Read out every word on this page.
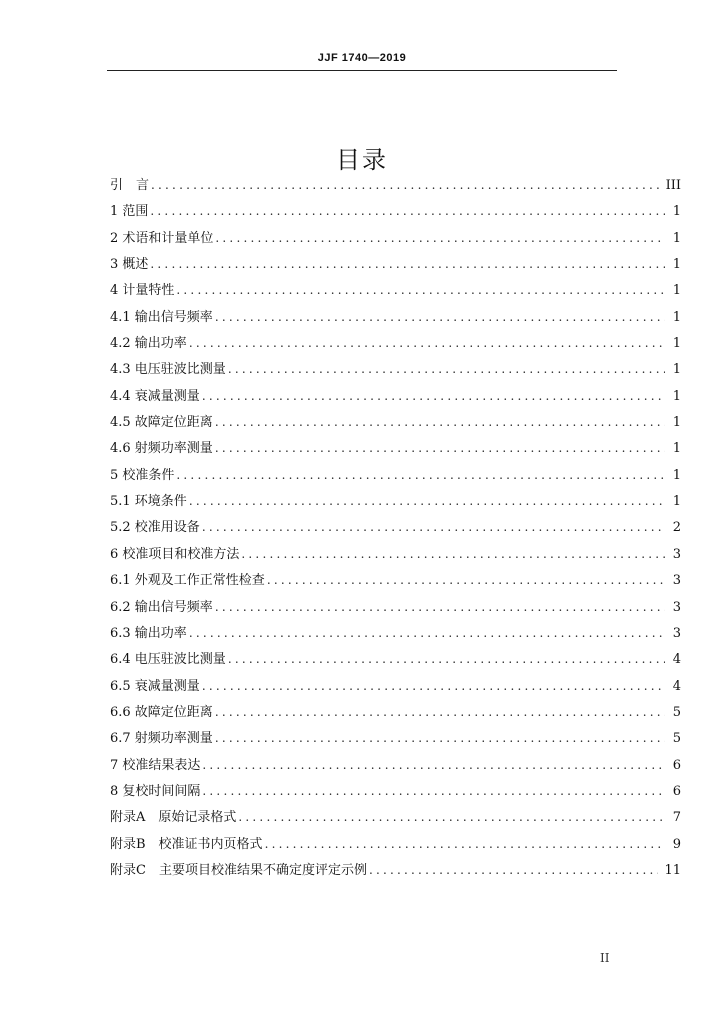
JJF 1740—2019
目录
引　言 .....	III
1 范围 .....	1
2 术语和计量单位 .....	1
3 概述 .....	1
4 计量特性 .....	1
4.1 输出信号频率 .....	1
4.2 输出功率 .....	1
4.3 电压驻波比测量 .....	1
4.4 衰减量测量 .....	1
4.5 故障定位距离 .....	1
4.6 射频功率测量 .....	1
5 校准条件 .....	1
5.1 环境条件 .....	1
5.2 校准用设备 .....	2
6 校准项目和校准方法 .....	3
6.1 外观及工作正常性检查 .....	3
6.2 输出信号频率 .....	3
6.3 输出功率 .....	3
6.4 电压驻波比测量 .....	4
6.5 衰减量测量 .....	4
6.6 故障定位距离 .....	5
6.7 射频功率测量 .....	5
7 校准结果表达 .....	6
8 复校时间间隔 .....	6
附录A　原始记录格式 .....	7
附录B　校准证书内页格式 .....	9
附录C　主要项目校准结果不确定度评定示例 .....	11
II
